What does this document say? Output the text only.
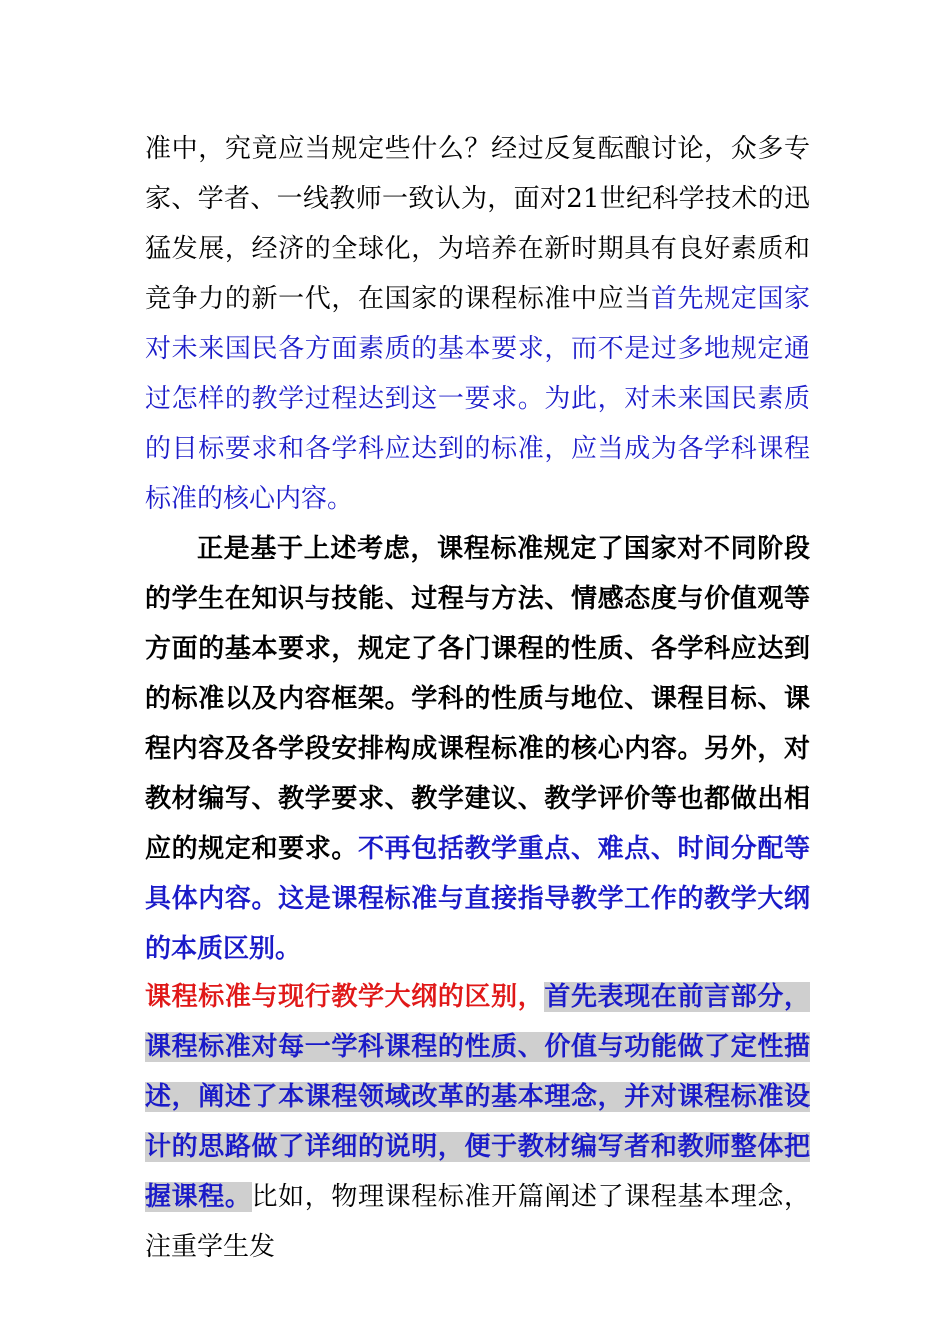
准中，究竟应当规定些什么？经过反复酝酿讨论，众多专家、学者、一线教师一致认为，面对21世纪科学技术的迅猛发展，经济的全球化，为培养在新时期具有良好素质和竞争力的新一代，在国家的课程标准中应当首先规定国家对未来国民各方面素质的基本要求，而不是过多地规定通过怎样的教学过程达到这一要求。为此，对未来国民素质的目标要求和各学科应达到的标准，应当成为各学科课程标准的核心内容。

正是基于上述考虑，课程标准规定了国家对不同阶段的学生在知识与技能、过程与方法、情感态度与价值观等方面的基本要求，规定了各门课程的性质、各学科应达到的标准以及内容框架。学科的性质与地位、课程目标、课程内容及各学段安排构成课程标准的核心内容。另外，对教材编写、教学要求、教学建议、教学评价等也都做出相应的规定和要求。不再包括教学重点、难点、时间分配等具体内容。这是课程标准与直接指导教学工作的教学大纲的本质区别。

课程标准与现行教学大纲的区别，首先表现在前言部分，课程标准对每一学科课程的性质、价值与功能做了定性描述，阐述了本课程领域改革的基本理念，并对课程标准设计的思路做了详细的说明，便于教材编写者和教师整体把握课程。比如，物理课程标准开篇阐述了课程基本理念，注重学生发
